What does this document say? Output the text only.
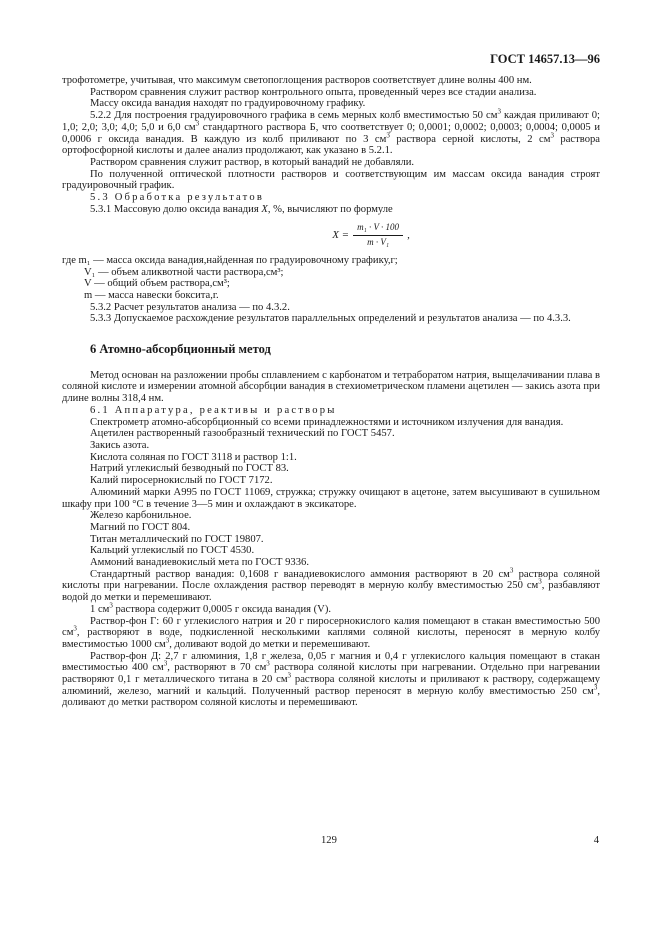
ГОСТ 14657.13—96

трофотометре, учитывая, что максимум светопоглощения растворов соответствует длине волны 400 нм.

Раствором сравнения служит раствор контрольного опыта, проведенный через все стадии анализа.

Массу оксида ванадия находят по градуировочному графику.

5.2.2 Для построения градуировочного графика в семь мерных колб вместимостью 50 $см^3$ каждая приливают 0; 1,0; 2,0; 3,0; 4,0; 5,0 и 6,0 $см^3$ стандартного раствора Б, что соответствует 0; 0,0001; 0,0002; 0,0003; 0,0004; 0,0005 и 0,0006 г оксида ванадия. В каждую из колб приливают по 3 $см^3$ раствора серной кислоты, 2 $см^3$ раствора ортофосфорной кислоты и далее анализ продолжают, как указано в 5.2.1.

Раствором сравнения служит раствор, в который ванадий не добавляли.

По полученной оптической плотности растворов и соответствующим им массам оксида ванадия строят градуировочный график.

5.3 Обработка результатов

5.3.1 Массовую долю оксида ванадия X, %, вычисляют по формуле

$X = \frac{\text{m₁ · V · 100}}{\text{m · V₁}}$ ,

где m₁ — масса оксида ванадия,найденная по градуировочному графику,г;

V₁ — объем аликвотной части раствора,см³;

V — общий объем раствора,см³;

m — масса навески боксита,г.

5.3.2 Расчет результатов анализа — по 4.3.2.

5.3.3 Допускаемое расхождение результатов параллельных определений и результатов анализа — по 4.3.3.

6 Атомно-абсорбционный метод

Метод основан на разложении пробы сплавлением с карбонатом и тетраборатом натрия, выщелачивании плава в соляной кислоте и измерении атомной абсорбции ванадия в стехиометрическом пламени ацетилен — закись азота при длине волны 318,4 нм.

6.1 Аппаратура, реактивы и растворы

Спектрометр атомно-абсорбционный со всеми принадлежностями и источником излучения для ванадия.

Ацетилен растворенный газообразный технический по ГОСТ 5457.

Закись азота.

Кислота соляная по ГОСТ 3118 и раствор 1:1.

Натрий углекислый безводный по ГОСТ 83.

Калий пиросернокислый по ГОСТ 7172.

Алюминий марки А995 по ГОСТ 11069, стружка; стружку очищают в ацетоне, затем высушивают в сушильном шкафу при 100 °С в течение 3—5 мин и охлаждают в эксикаторе.

Железо карбонильное.

Магний по ГОСТ 804.

Титан металлический по ГОСТ 19807.

Кальций углекислый по ГОСТ 4530.

Аммоний ванадиевокислый мета по ГОСТ 9336.

Стандартный раствор ванадия: 0,1608 г ванадиевокислого аммония растворяют в 20 $см^3$ раствора соляной кислоты при нагревании. После охлаждения раствор переводят в мерную колбу вместимостью 250 $см^3$, разбавляют водой до метки и перемешивают.

1 $см^3$ раствора содержит 0,0005 г оксида ванадия (V).

Раствор-фон Г: 60 г углекислого натрия и 20 г пиросернокислого калия помещают в стакан вместимостью 500 $см^3$, растворяют в воде, подкисленной несколькими каплями соляной кислоты, переносят в мерную колбу вместимостью 1000 $см^3$, доливают водой до метки и перемешивают.

Раствор-фон Д: 2,7 г алюминия, 1,8 г железа, 0,05 г магния и 0,4 г углекислого кальция помещают в стакан вместимостью 400 $см^3$, растворяют в 70 $см^3$ раствора соляной кислоты при нагревании. Отдельно при нагревании растворяют 0,1 г металлического титана в 20 $см^3$ раствора соляной кислоты и приливают к раствору, содержащему алюминий, железо, магний и кальций. Полученный раствор переносят в мерную колбу вместимостью 250 $см^3$, доливают до метки раствором соляной кислоты и перемешивают.

129	4
